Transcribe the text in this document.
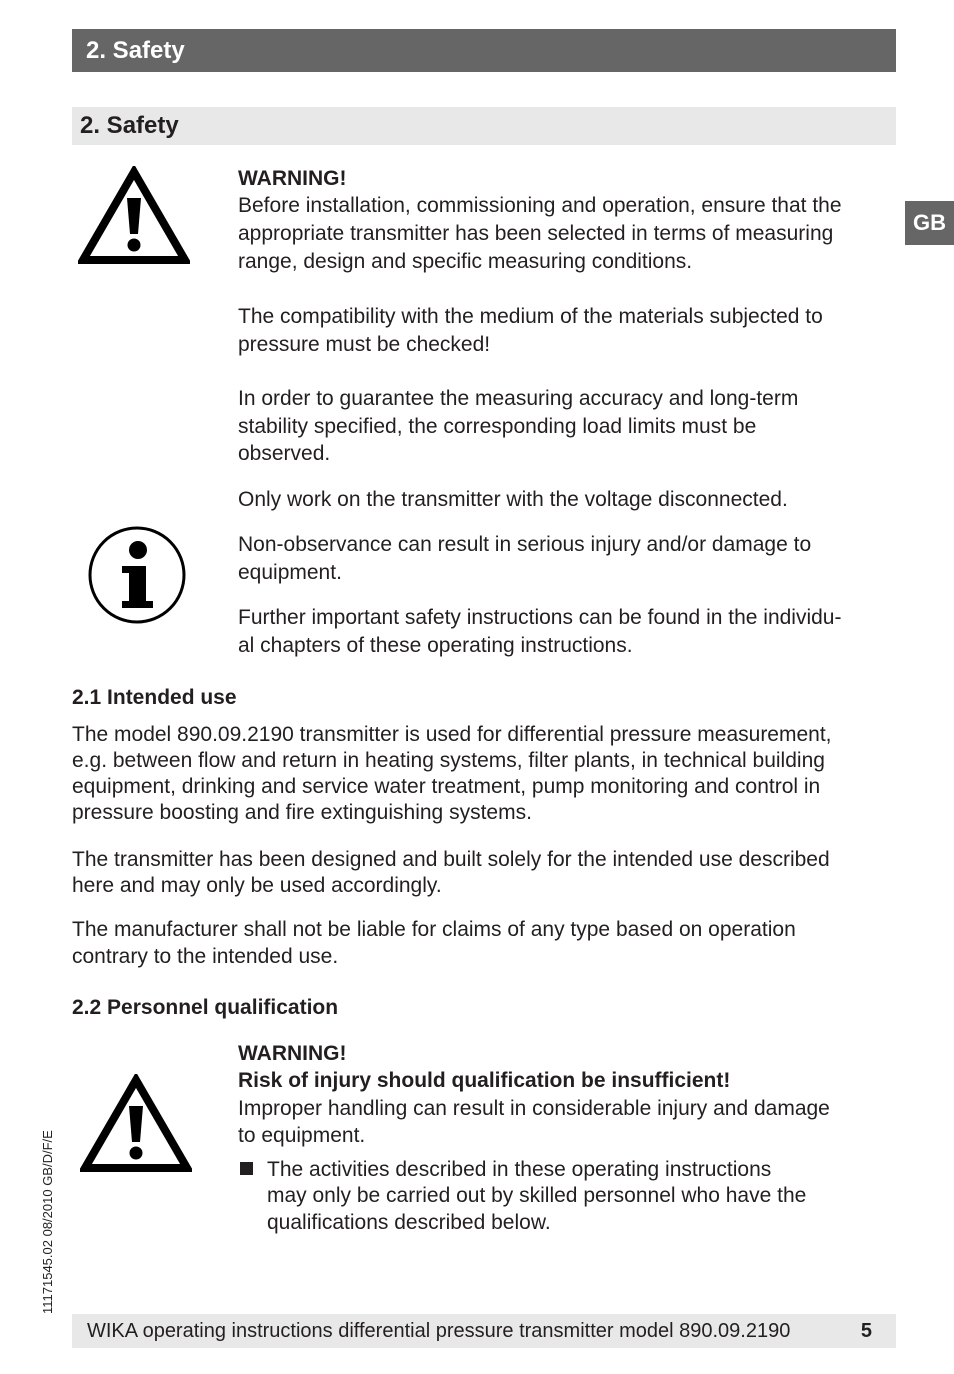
2. Safety
2. Safety
GB
11171545.02 08/2010 GB/D/F/E
WARNING!
Before installation, commissioning and operation, ensure that the
appropriate transmitter has been selected in terms of measuring
range, design and specific measuring conditions.
The compatibility with the medium of the materials subjected to
pressure must be checked!
In order to guarantee the measuring accuracy and long-term
stability specified, the corresponding load limits must be
observed.
Only work on the transmitter with the voltage disconnected.
Non-observance can result in serious injury and/or damage to
equipment.
Further important safety instructions can be found in the individu-
al chapters of these operating instructions.
2.1 Intended use
The model 890.09.2190 transmitter is used for differential pressure measurement,
e.g. between flow and return in heating systems, filter plants, in technical building
equipment, drinking and service water treatment, pump monitoring and control in
pressure boosting and fire extinguishing systems.
The transmitter has been designed and built solely for the intended use described
here and may only be used accordingly.
The manufacturer shall not be liable for claims of any type based on operation
contrary to the intended use.
2.2 Personnel qualification
WARNING!
Risk of injury should qualification be insufficient!
Improper handling can result in considerable injury and damage
to equipment.
The activities described in these operating instructions
may only be carried out by skilled personnel who have the
qualifications described below.
WIKA operating instructions differential pressure transmitter model 890.09.2190	5
